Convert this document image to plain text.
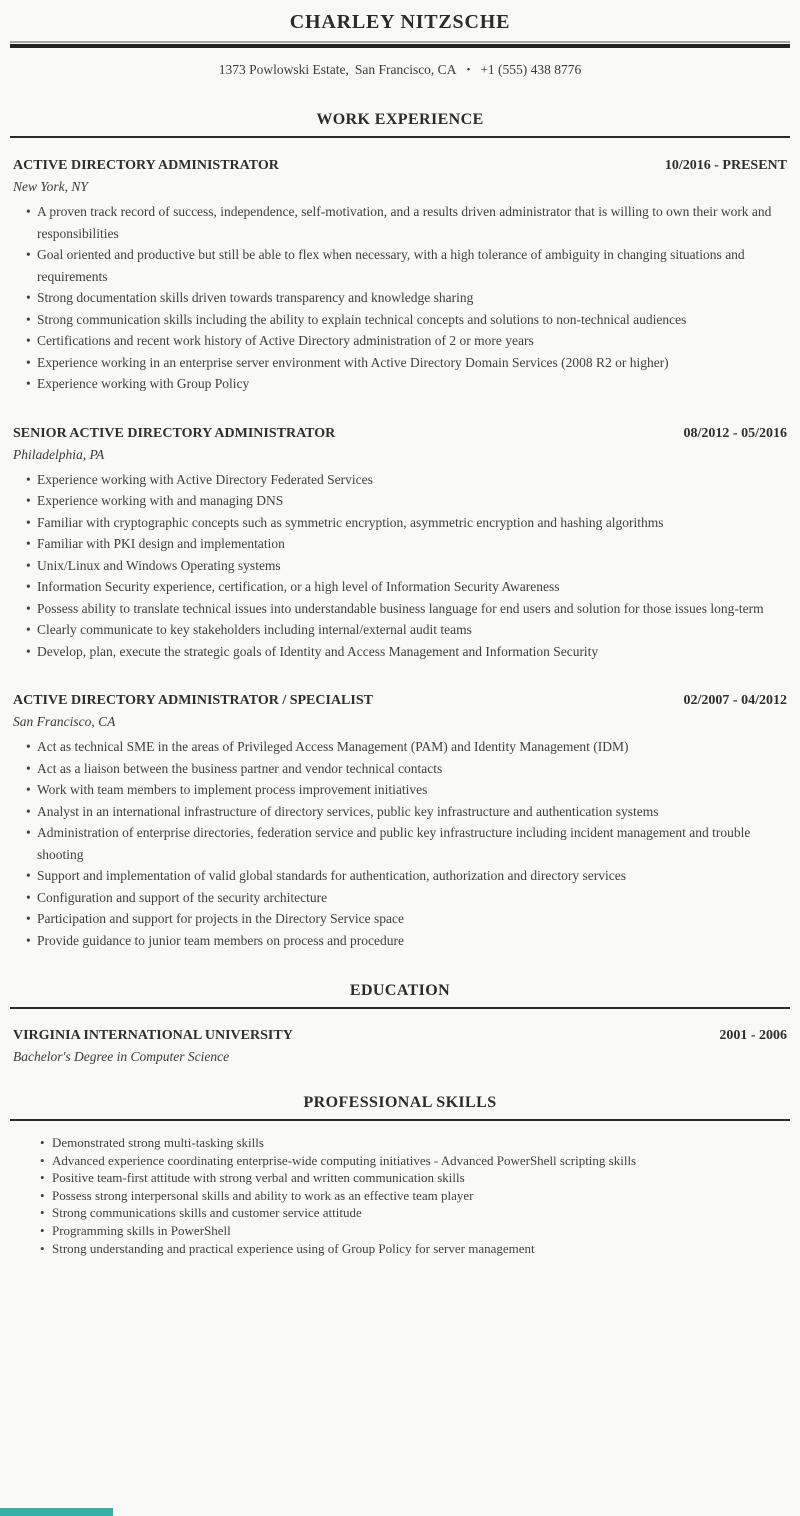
CHARLEY NITZSCHE
1373 Powlowski Estate, San Francisco, CA • +1 (555) 438 8776
WORK EXPERIENCE
ACTIVE DIRECTORY ADMINISTRATOR	10/2016 - PRESENT
New York, NY
• A proven track record of success, independence, self-motivation, and a results driven administrator that is willing to own their work and responsibilities
• Goal oriented and productive but still be able to flex when necessary, with a high tolerance of ambiguity in changing situations and requirements
• Strong documentation skills driven towards transparency and knowledge sharing
• Strong communication skills including the ability to explain technical concepts and solutions to non-technical audiences
• Certifications and recent work history of Active Directory administration of 2 or more years
• Experience working in an enterprise server environment with Active Directory Domain Services (2008 R2 or higher)
• Experience working with Group Policy
SENIOR ACTIVE DIRECTORY ADMINISTRATOR	08/2012 - 05/2016
Philadelphia, PA
• Experience working with Active Directory Federated Services
• Experience working with and managing DNS
• Familiar with cryptographic concepts such as symmetric encryption, asymmetric encryption and hashing algorithms
• Familiar with PKI design and implementation
• Unix/Linux and Windows Operating systems
• Information Security experience, certification, or a high level of Information Security Awareness
• Possess ability to translate technical issues into understandable business language for end users and solution for those issues long-term
• Clearly communicate to key stakeholders including internal/external audit teams
• Develop, plan, execute the strategic goals of Identity and Access Management and Information Security
ACTIVE DIRECTORY ADMINISTRATOR / SPECIALIST	02/2007 - 04/2012
San Francisco, CA
• Act as technical SME in the areas of Privileged Access Management (PAM) and Identity Management (IDM)
• Act as a liaison between the business partner and vendor technical contacts
• Work with team members to implement process improvement initiatives
• Analyst in an international infrastructure of directory services, public key infrastructure and authentication systems
• Administration of enterprise directories, federation service and public key infrastructure including incident management and trouble shooting
• Support and implementation of valid global standards for authentication, authorization and directory services
• Configuration and support of the security architecture
• Participation and support for projects in the Directory Service space
• Provide guidance to junior team members on process and procedure
EDUCATION
VIRGINIA INTERNATIONAL UNIVERSITY	2001 - 2006
Bachelor's Degree in Computer Science
PROFESSIONAL SKILLS
• Demonstrated strong multi-tasking skills
• Advanced experience coordinating enterprise-wide computing initiatives - Advanced PowerShell scripting skills
• Positive team-first attitude with strong verbal and written communication skills
• Possess strong interpersonal skills and ability to work as an effective team player
• Strong communications skills and customer service attitude
• Programming skills in PowerShell
• Strong understanding and practical experience using of Group Policy for server management
